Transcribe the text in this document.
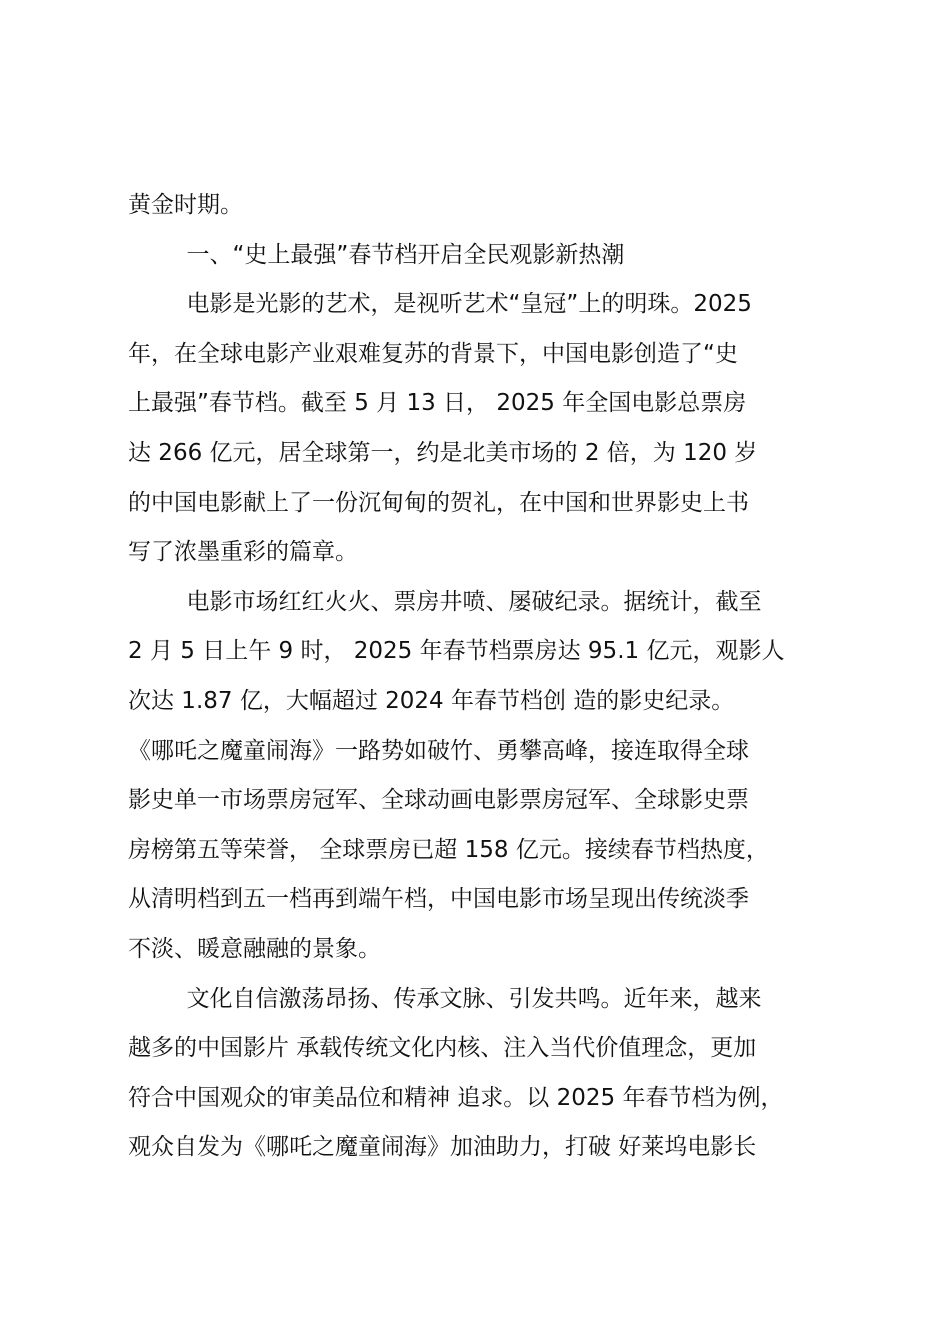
黄金时期。
一、“史上最强”春节档开启全民观影新热潮
电影是光影的艺术，是视听艺术“皇冠”上的明珠。2025
年，在全球电影产业艰难复苏的背景下，中国电影创造了“史
上最强”春节档。截至 5 月 13 日， 2025 年全国电影总票房
达 266 亿元，居全球第一，约是北美市场的 2 倍，为 120 岁
的中国电影献上了一份沉甸甸的贺礼，在中国和世界影史上书
写了浓墨重彩的篇章。
电影市场红红火火、票房井喷、屡破纪录。据统计，截至
2 月 5 日上午 9 时， 2025 年春节档票房达 95.1 亿元，观影人
次达 1.87 亿，大幅超过 2024 年春节档创 造的影史纪录。
《哪吒之魔童闹海》一路势如破竹、勇攀高峰，接连取得全球
影史单一市场票房冠军、全球动画电影票房冠军、全球影史票
房榜第五等荣誉， 全球票房已超 158 亿元。接续春节档热度，
从清明档到五一档再到端午档，中国电影市场呈现出传统淡季
不淡、暖意融融的景象。
文化自信激荡昂扬、传承文脉、引发共鸣。近年来，越来
越多的中国影片 承载传统文化内核、注入当代价值理念，更加
符合中国观众的审美品位和精神 追求。以 2025 年春节档为例，
观众自发为《哪吒之魔童闹海》加油助力，打破 好莱坞电影长
